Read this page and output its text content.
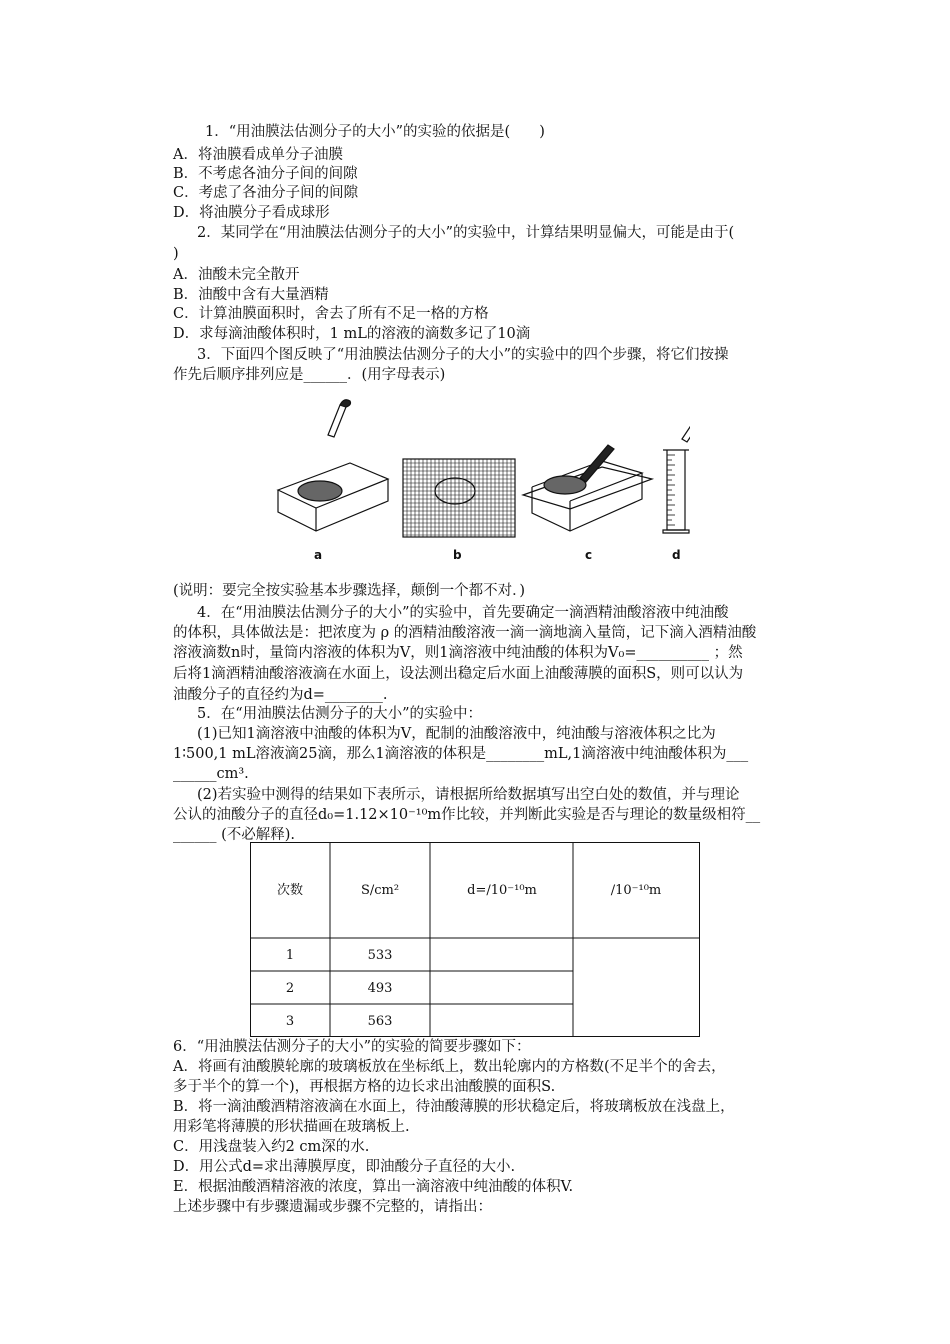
1．“用油膜法估测分子的大小”的实验的依据是(　　)
A．将油膜看成单分子油膜
B．不考虑各油分子间的间隙
C．考虑了各油分子间的间隙
D．将油膜分子看成球形
2．某同学在“用油膜法估测分子的大小”的实验中，计算结果明显偏大，可能是由于(
)
A．油酸未完全散开
B．油酸中含有大量酒精
C．计算油膜面积时，舍去了所有不足一格的方格
D．求每滴油酸体积时，1 mL的溶液的滴数多记了10滴
3．下面四个图反映了“用油膜法估测分子的大小”的实验中的四个步骤，将它们按操
作先后顺序排列应是______．(用字母表示)
a	b	c	d
(说明：要完全按实验基本步骤选择，颠倒一个都不对．)
4．在“用油膜法估测分子的大小”的实验中，首先要确定一滴酒精油酸溶液中纯油酸
的体积，具体做法是：把浓度为 ρ 的酒精油酸溶液一滴一滴地滴入量筒，记下滴入酒精油酸
溶液滴数n时，量筒内溶液的体积为V，则1滴溶液中纯油酸的体积为V₀=__________ ；然
后将1滴酒精油酸溶液滴在水面上，设法测出稳定后水面上油酸薄膜的面积S，则可以认为
油酸分子的直径约为d=________.
5．在“用油膜法估测分子的大小”的实验中：
(1)已知1滴溶液中油酸的体积为V，配制的油酸溶液中，纯油酸与溶液体积之比为
1∶500,1 mL溶液滴25滴，那么1滴溶液的体积是________mL,1滴溶液中纯油酸体积为___
______cm³.
(2)若实验中测得的结果如下表所示，请根据所给数据填写出空白处的数值，并与理论
公认的油酸分子的直径d₀=1.12×10⁻¹⁰m作比较，并判断此实验是否与理论的数量级相符__
______ (不必解释).
次数	S/cm²	d=/10⁻¹⁰m	/10⁻¹⁰m
1	533
2	493
3	563
6．“用油膜法估测分子的大小”的实验的简要步骤如下：
A．将画有油酸膜轮廓的玻璃板放在坐标纸上，数出轮廓内的方格数(不足半个的舍去，
多于半个的算一个)，再根据方格的边长求出油酸膜的面积S.
B．将一滴油酸酒精溶液滴在水面上，待油酸薄膜的形状稳定后，将玻璃板放在浅盘上，
用彩笔将薄膜的形状描画在玻璃板上.
C．用浅盘装入约2 cm深的水.
D．用公式d=求出薄膜厚度，即油酸分子直径的大小.
E．根据油酸酒精溶液的浓度，算出一滴溶液中纯油酸的体积V.
上述步骤中有步骤遗漏或步骤不完整的，请指出：
